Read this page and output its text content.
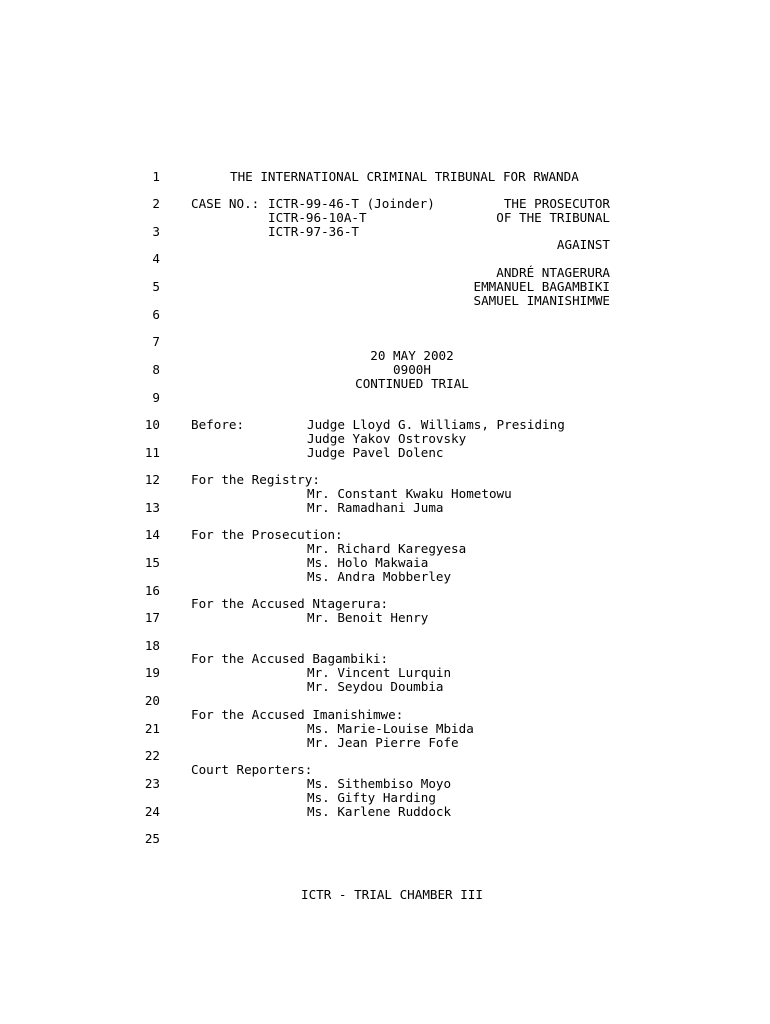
1
2
3
4
5
6
7
8
9
10
11
12
13
14
15
16
17
18
19
20
21
22
23
24
25
THE INTERNATIONAL CRIMINAL TRIBUNAL FOR RWANDA
CASE NO.: ICTR-99-46-T (Joinder)
ICTR-96-10A-T
ICTR-97-36-T
THE PROSECUTOR
OF THE TRIBUNAL
AGAINST
ANDRÉ NTAGERURA
EMMANUEL BAGAMBIKI
SAMUEL IMANISHIMWE
20 MAY 2002
0900H
CONTINUED TRIAL
Before:	Judge Lloyd G. Williams, Presiding
Judge Yakov Ostrovsky
Judge Pavel Dolenc
For the Registry:
Mr. Constant Kwaku Hometowu
Mr. Ramadhani Juma
For the Prosecution:
Mr. Richard Karegyesa
Ms. Holo Makwaia
Ms. Andra Mobberley
For the Accused Ntagerura:
Mr. Benoit Henry
For the Accused Bagambiki:
Mr. Vincent Lurquin
Mr. Seydou Doumbia
For the Accused Imanishimwe:
Ms. Marie-Louise Mbida
Mr. Jean Pierre Fofe
Court Reporters:
Ms. Sithembiso Moyo
Ms. Gifty Harding
Ms. Karlene Ruddock
ICTR - TRIAL CHAMBER III
